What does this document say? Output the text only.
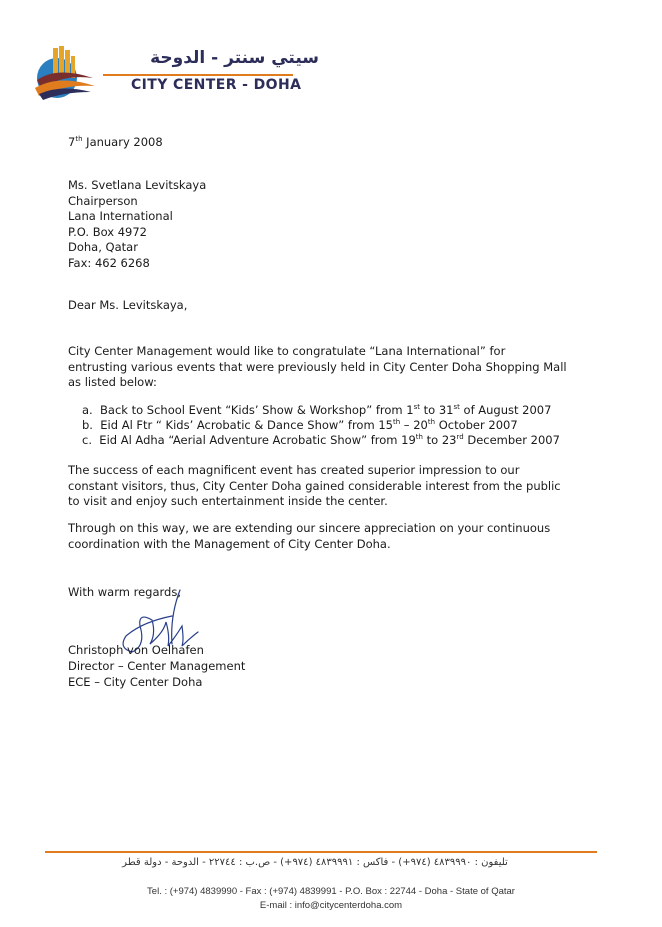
سيتي سنتر - الدوحة
CITY CENTER - DOHA
7th January 2008
Ms. Svetlana Levitskaya
Chairperson
Lana International
P.O. Box 4972
Doha, Qatar
Fax: 462 6268
Dear Ms. Levitskaya,
City Center Management would like to congratulate “Lana International” for entrusting various events that were previously held in City Center Doha Shopping Mall as listed below:
a. Back to School Event “Kids’ Show & Workshop” from 1st to 31st of August 2007
b. Eid Al Ftr “ Kids’ Acrobatic & Dance Show” from 15th – 20th October 2007
c. Eid Al Adha “Aerial Adventure Acrobatic Show” from 19th to 23rd December 2007
The success of each magnificent event has created superior impression to our constant visitors, thus, City Center Doha gained considerable interest from the public to visit and enjoy such entertainment inside the center.
Through on this way, we are extending our sincere appreciation on your continuous coordination with the Management of City Center Doha.
With warm regards,
Christoph von Oelhafen
Director – Center Management
ECE – City Center Doha
تليفون : ٤٨٣٩٩٩٠ (٩٧٤+) - فاكس : ٤٨٣٩٩٩١ (٩٧٤+) - ص.ب : ٢٢٧٤٤ - الدوحة - دولة قطر
Tel. : (+974) 4839990 - Fax : (+974) 4839991 - P.O. Box : 22744 - Doha - State of Qatar
E-mail : info@citycenterdoha.com
